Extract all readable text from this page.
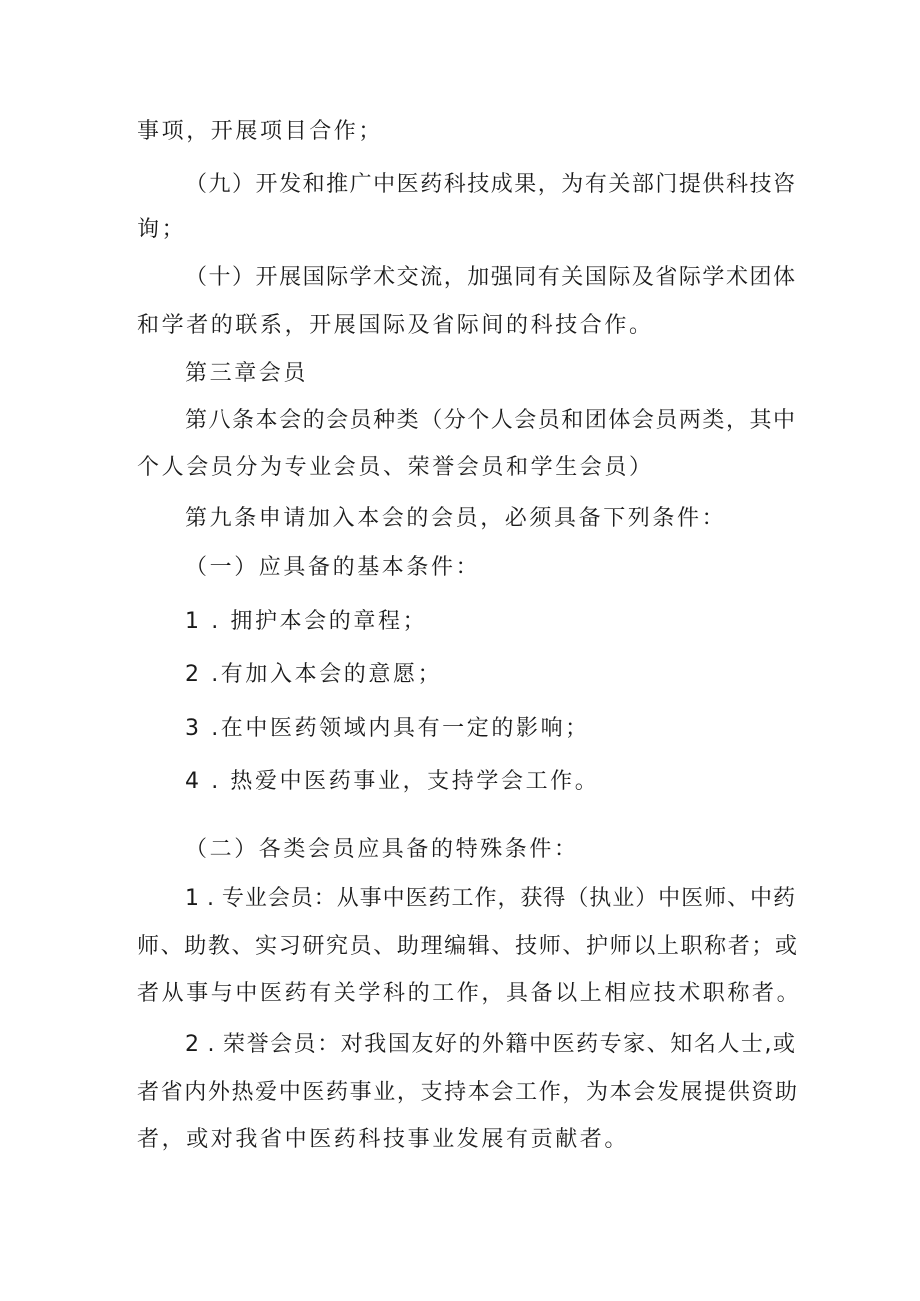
事项，开展项目合作；
（九）开发和推广中医药科技成果，为有关部门提供科技咨
询；
（十）开展国际学术交流，加强同有关国际及省际学术团体
和学者的联系，开展国际及省际间的科技合作。
第三章会员
第八条本会的会员种类（分个人会员和团体会员两类，其中
个人会员分为专业会员、荣誉会员和学生会员）
第九条申请加入本会的会员，必须具备下列条件：
（一）应具备的基本条件：
1 . 拥护本会的章程；
2 .有加入本会的意愿；
3 .在中医药领域内具有一定的影响；
4 . 热爱中医药事业，支持学会工作。
（二）各类会员应具备的特殊条件：
1 . 专业会员：从事中医药工作，获得（执业）中医师、中药
师、助教、实习研究员、助理编辑、技师、护师以上职称者；或
者从事与中医药有关学科的工作，具备以上相应技术职称者。
2 . 荣誉会员：对我国友好的外籍中医药专家、知名人士,或
者省内外热爱中医药事业，支持本会工作，为本会发展提供资助
者，或对我省中医药科技事业发展有贡献者。
